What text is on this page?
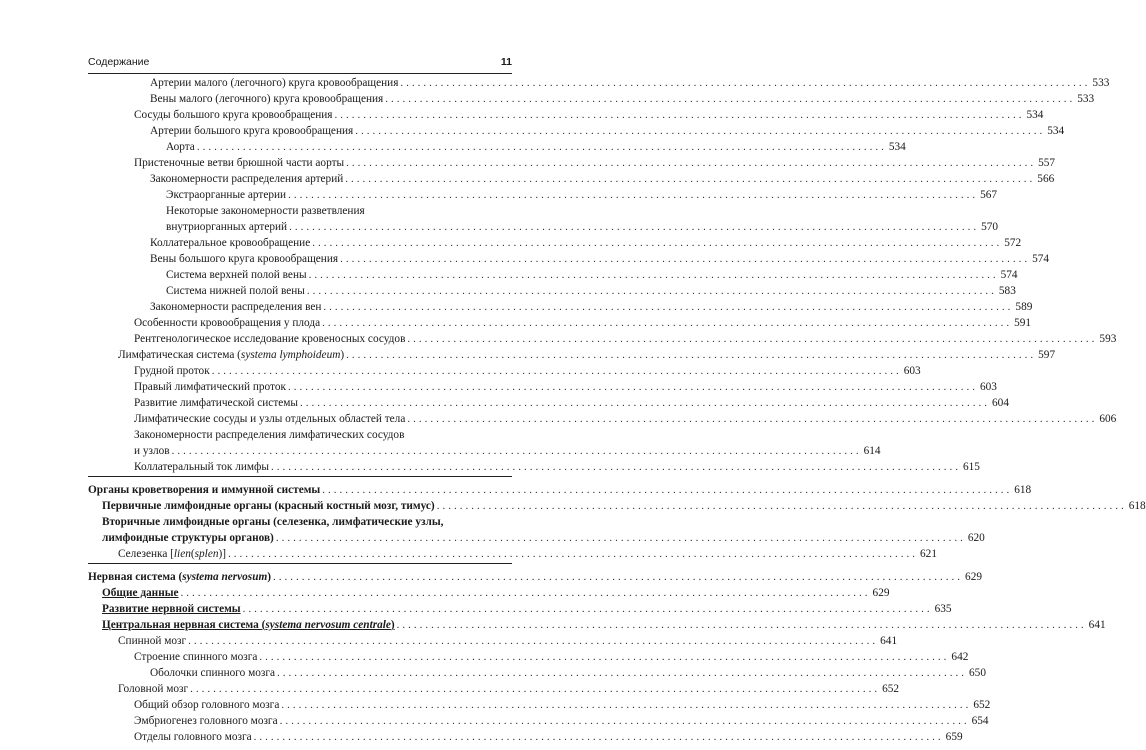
Содержание	11
Артерии малого (легочного) круга кровообращения ........................................................................................................................ 533
Вены малого (легочного) круга кровообращения ........................................................................................................................ 533
Сосуды большого круга кровообращения ........................................................................................................................ 534
Артерии большого круга кровообращения ........................................................................................................................ 534
Аорта ........................................................................................................................ 534
Пристеночные ветви брюшной части аорты ........................................................................................................................ 557
Закономерности распределения артерий ........................................................................................................................ 566
Экстраорганные артерии ........................................................................................................................ 567
Некоторые закономерности разветвления
внутриорганных артерий ........................................................................................................................ 570
Коллатеральное кровообращение ........................................................................................................................ 572
Вены большого круга кровообращения ........................................................................................................................ 574
Система верхней полой вены ........................................................................................................................ 574
Система нижней полой вены ........................................................................................................................ 583
Закономерности распределения вен ........................................................................................................................ 589
Особенности кровообращения у плода ........................................................................................................................ 591
Рентгенологическое исследование кровеносных сосудов ........................................................................................................................ 593
Лимфатическая система (systema lymphoideum) ........................................................................................................................ 597
Грудной проток ........................................................................................................................ 603
Правый лимфатический проток ........................................................................................................................ 603
Развитие лимфатической системы ........................................................................................................................ 604
Лимфатические сосуды и узлы отдельных областей тела ........................................................................................................................ 606
Закономерности распределения лимфатических сосудов
и узлов ........................................................................................................................ 614
Коллатеральный ток лимфы ........................................................................................................................ 615
Органы кроветворения и иммунной системы ........................................................................................................................ 618
Первичные лимфоидные органы (красный костный мозг, тимус) ........................................................................................................................ 618
Вторичные лимфоидные органы (селезенка, лимфатические узлы,
лимфоидные структуры органов) ........................................................................................................................ 620
Селезенка [lien(splen)] ........................................................................................................................ 621
Нервная система (systema nervosum) ........................................................................................................................ 629
Общие данные ........................................................................................................................ 629
Развитие нервной системы ........................................................................................................................ 635
Центральная нервная система (systema nervosum centrale) ........................................................................................................................ 641
Спинной мозг ........................................................................................................................ 641
Строение спинного мозга ........................................................................................................................ 642
Оболочки спинного мозга ........................................................................................................................ 650
Головной мозг ........................................................................................................................ 652
Общий обзор головного мозга ........................................................................................................................ 652
Эмбриогенез головного мозга ........................................................................................................................ 654
Отделы головного мозга ........................................................................................................................ 659
